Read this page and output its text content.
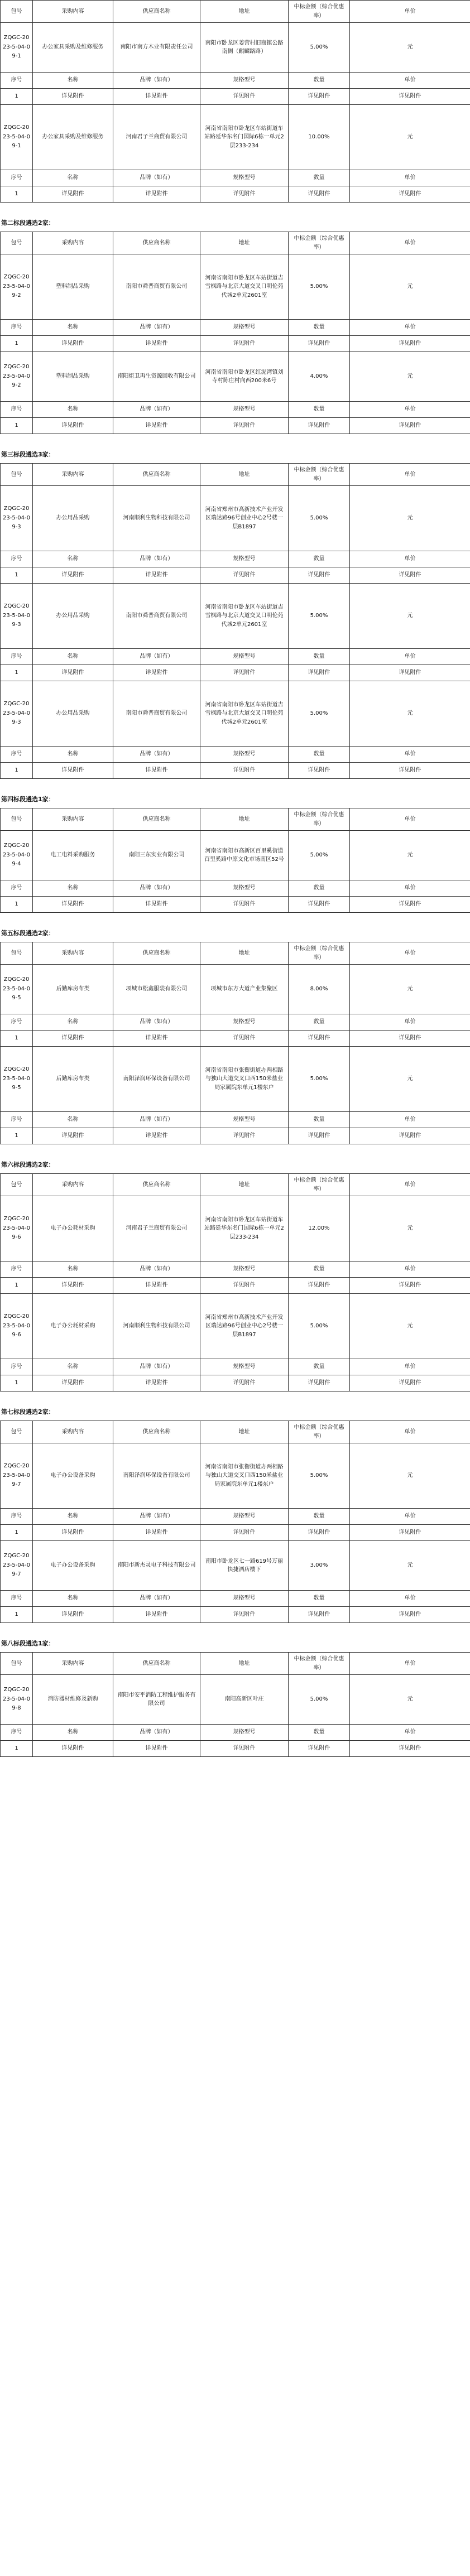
包号	采购内容	供应商名称	地址	中标金额（综合优惠率）	单价
ZQGC-2023-5-04-09-1	办公家具采购及维修服务	南阳市南方木业有限责任公司	南阳市卧龙区姜营村旧商镇公路南侧（麒麟路路）	5.00%	元
序号	名称	品牌（如有）	规格型号	数量	单价
1	详见附件	详见附件	详见附件	详见附件	详见附件
ZQGC-2023-5-04-09-1	办公家具采购及维修服务	河南君子兰商贸有限公司	河南省南阳市卧龙区车站街道车站路延华东名门国际6栋一单元2层233-234	10.00%	元
序号	名称	品牌（如有）	规格型号	数量	单价
1	详见附件	详见附件	详见附件	详见附件	详见附件
第二标段遴选2家：
包号	采购内容	供应商名称	地址	中标金额（综合优惠率）	单价
ZQGC-2023-5-04-09-2	塑料制品采购	南阳市舜普商贸有限公司	河南省南阳市卧龙区车站街道吉雪枫路与北京大道交叉口明伦苑代城2单元2601室	5.00%	元
序号	名称	品牌（如有）	规格型号	数量	单价
1	详见附件	详见附件	详见附件	详见附件	详见附件
ZQGC-2023-5-04-09-2	塑料制品采购	南阳炬卫再生资源回收有限公司	河南省南阳市卧龙区红泥湾镇刘寺村陈庄村向西200米6号	4.00%	元
序号	名称	品牌（如有）	规格型号	数量	单价
1	详见附件	详见附件	详见附件	详见附件	详见附件
第三标段遴选3家：
包号	采购内容	供应商名称	地址	中标金额（综合优惠率）	单价
ZQGC-2023-5-04-09-3	办公用品采购	河南顺利生物科技有限公司	河南省郑州市高新技术产业开发区瑞达路96号创业中心2号楼一层B1897	5.00%	元
序号	名称	品牌（如有）	规格型号	数量	单价
1	详见附件	详见附件	详见附件	详见附件	详见附件
ZQGC-2023-5-04-09-3	办公用品采购	南阳市舜普商贸有限公司	河南省南阳市卧龙区车站街道吉雪枫路与北京大道交叉口明伦苑代城2单元2601室	5.00%	元
序号	名称	品牌（如有）	规格型号	数量	单价
1	详见附件	详见附件	详见附件	详见附件	详见附件
ZQGC-2023-5-04-09-3	办公用品采购	南阳市舜普商贸有限公司	河南省南阳市卧龙区车站街道吉雪枫路与北京大道交叉口明伦苑代城2单元2601室	5.00%	元
序号	名称	品牌（如有）	规格型号	数量	单价
1	详见附件	详见附件	详见附件	详见附件	详见附件
第四标段遴选1家：
包号	采购内容	供应商名称	地址	中标金额（综合优惠率）	单价
ZQGC-2023-5-04-09-4	电工电料采购服务	南阳三东实业有限公司	河南省南阳市高新区百里奚街道百里奚路中原文化市场南区52号	5.00%	元
序号	名称	品牌（如有）	规格型号	数量	单价
1	详见附件	详见附件	详见附件	详见附件	详见附件
第五标段遴选2家：
包号	采购内容	供应商名称	地址	中标金额（综合优惠率）	单价
ZQGC-2023-5-04-09-5	后勤库房布类	项城市松鑫服装有限公司	项城市东方大道产业集聚区	8.00%	元
序号	名称	品牌（如有）	规格型号	数量	单价
1	详见附件	详见附件	详见附件	详见附件	详见附件
ZQGC-2023-5-04-09-5	后勤库房布类	南阳泽润环保设备有限公司	河南省南阳市张衡街道办两相路与独山大道交叉口西150米盐业局家属院东单元1楼东户	5.00%	元
序号	名称	品牌（如有）	规格型号	数量	单价
1	详见附件	详见附件	详见附件	详见附件	详见附件
第六标段遴选2家：
包号	采购内容	供应商名称	地址	中标金额（综合优惠率）	单价
ZQGC-2023-5-04-09-6	电子办公耗材采购	河南君子兰商贸有限公司	河南省南阳市卧龙区车站街道车站路延华东名门国际6栋一单元2层233-234	12.00%	元
序号	名称	品牌（如有）	规格型号	数量	单价
1	详见附件	详见附件	详见附件	详见附件	详见附件
ZQGC-2023-5-04-09-6	电子办公耗材采购	河南顺利生物科技有限公司	河南省郑州市高新技术产业开发区瑞达路96号创业中心2号楼一层B1897	5.00%	元
序号	名称	品牌（如有）	规格型号	数量	单价
1	详见附件	详见附件	详见附件	详见附件	详见附件
第七标段遴选2家：
包号	采购内容	供应商名称	地址	中标金额（综合优惠率）	单价
ZQGC-2023-5-04-09-7	电子办公设备采购	南阳泽润环保设备有限公司	河南省南阳市张衡街道办两相路与独山大道交叉口西150米盐业局家属院东单元1楼东户	5.00%	元
序号	名称	品牌（如有）	规格型号	数量	单价
1	详见附件	详见附件	详见附件	详见附件	详见附件
ZQGC-2023-5-04-09-7	电子办公设备采购	南阳市新杰灵电子科技有限公司	南阳市卧龙区七一路619号万丽快捷酒店楼下	3.00%	元
序号	名称	品牌（如有）	规格型号	数量	单价
1	详见附件	详见附件	详见附件	详见附件	详见附件
第八标段遴选1家：
包号	采购内容	供应商名称	地址	中标金额（综合优惠率）	单价
ZQGC-2023-5-04-09-8	消防器材维修及新购	南阳市安平消防工程维护服务有限公司	南阳高新区叶庄	5.00%	元
序号	名称	品牌（如有）	规格型号	数量	单价
1	详见附件	详见附件	详见附件	详见附件	详见附件
